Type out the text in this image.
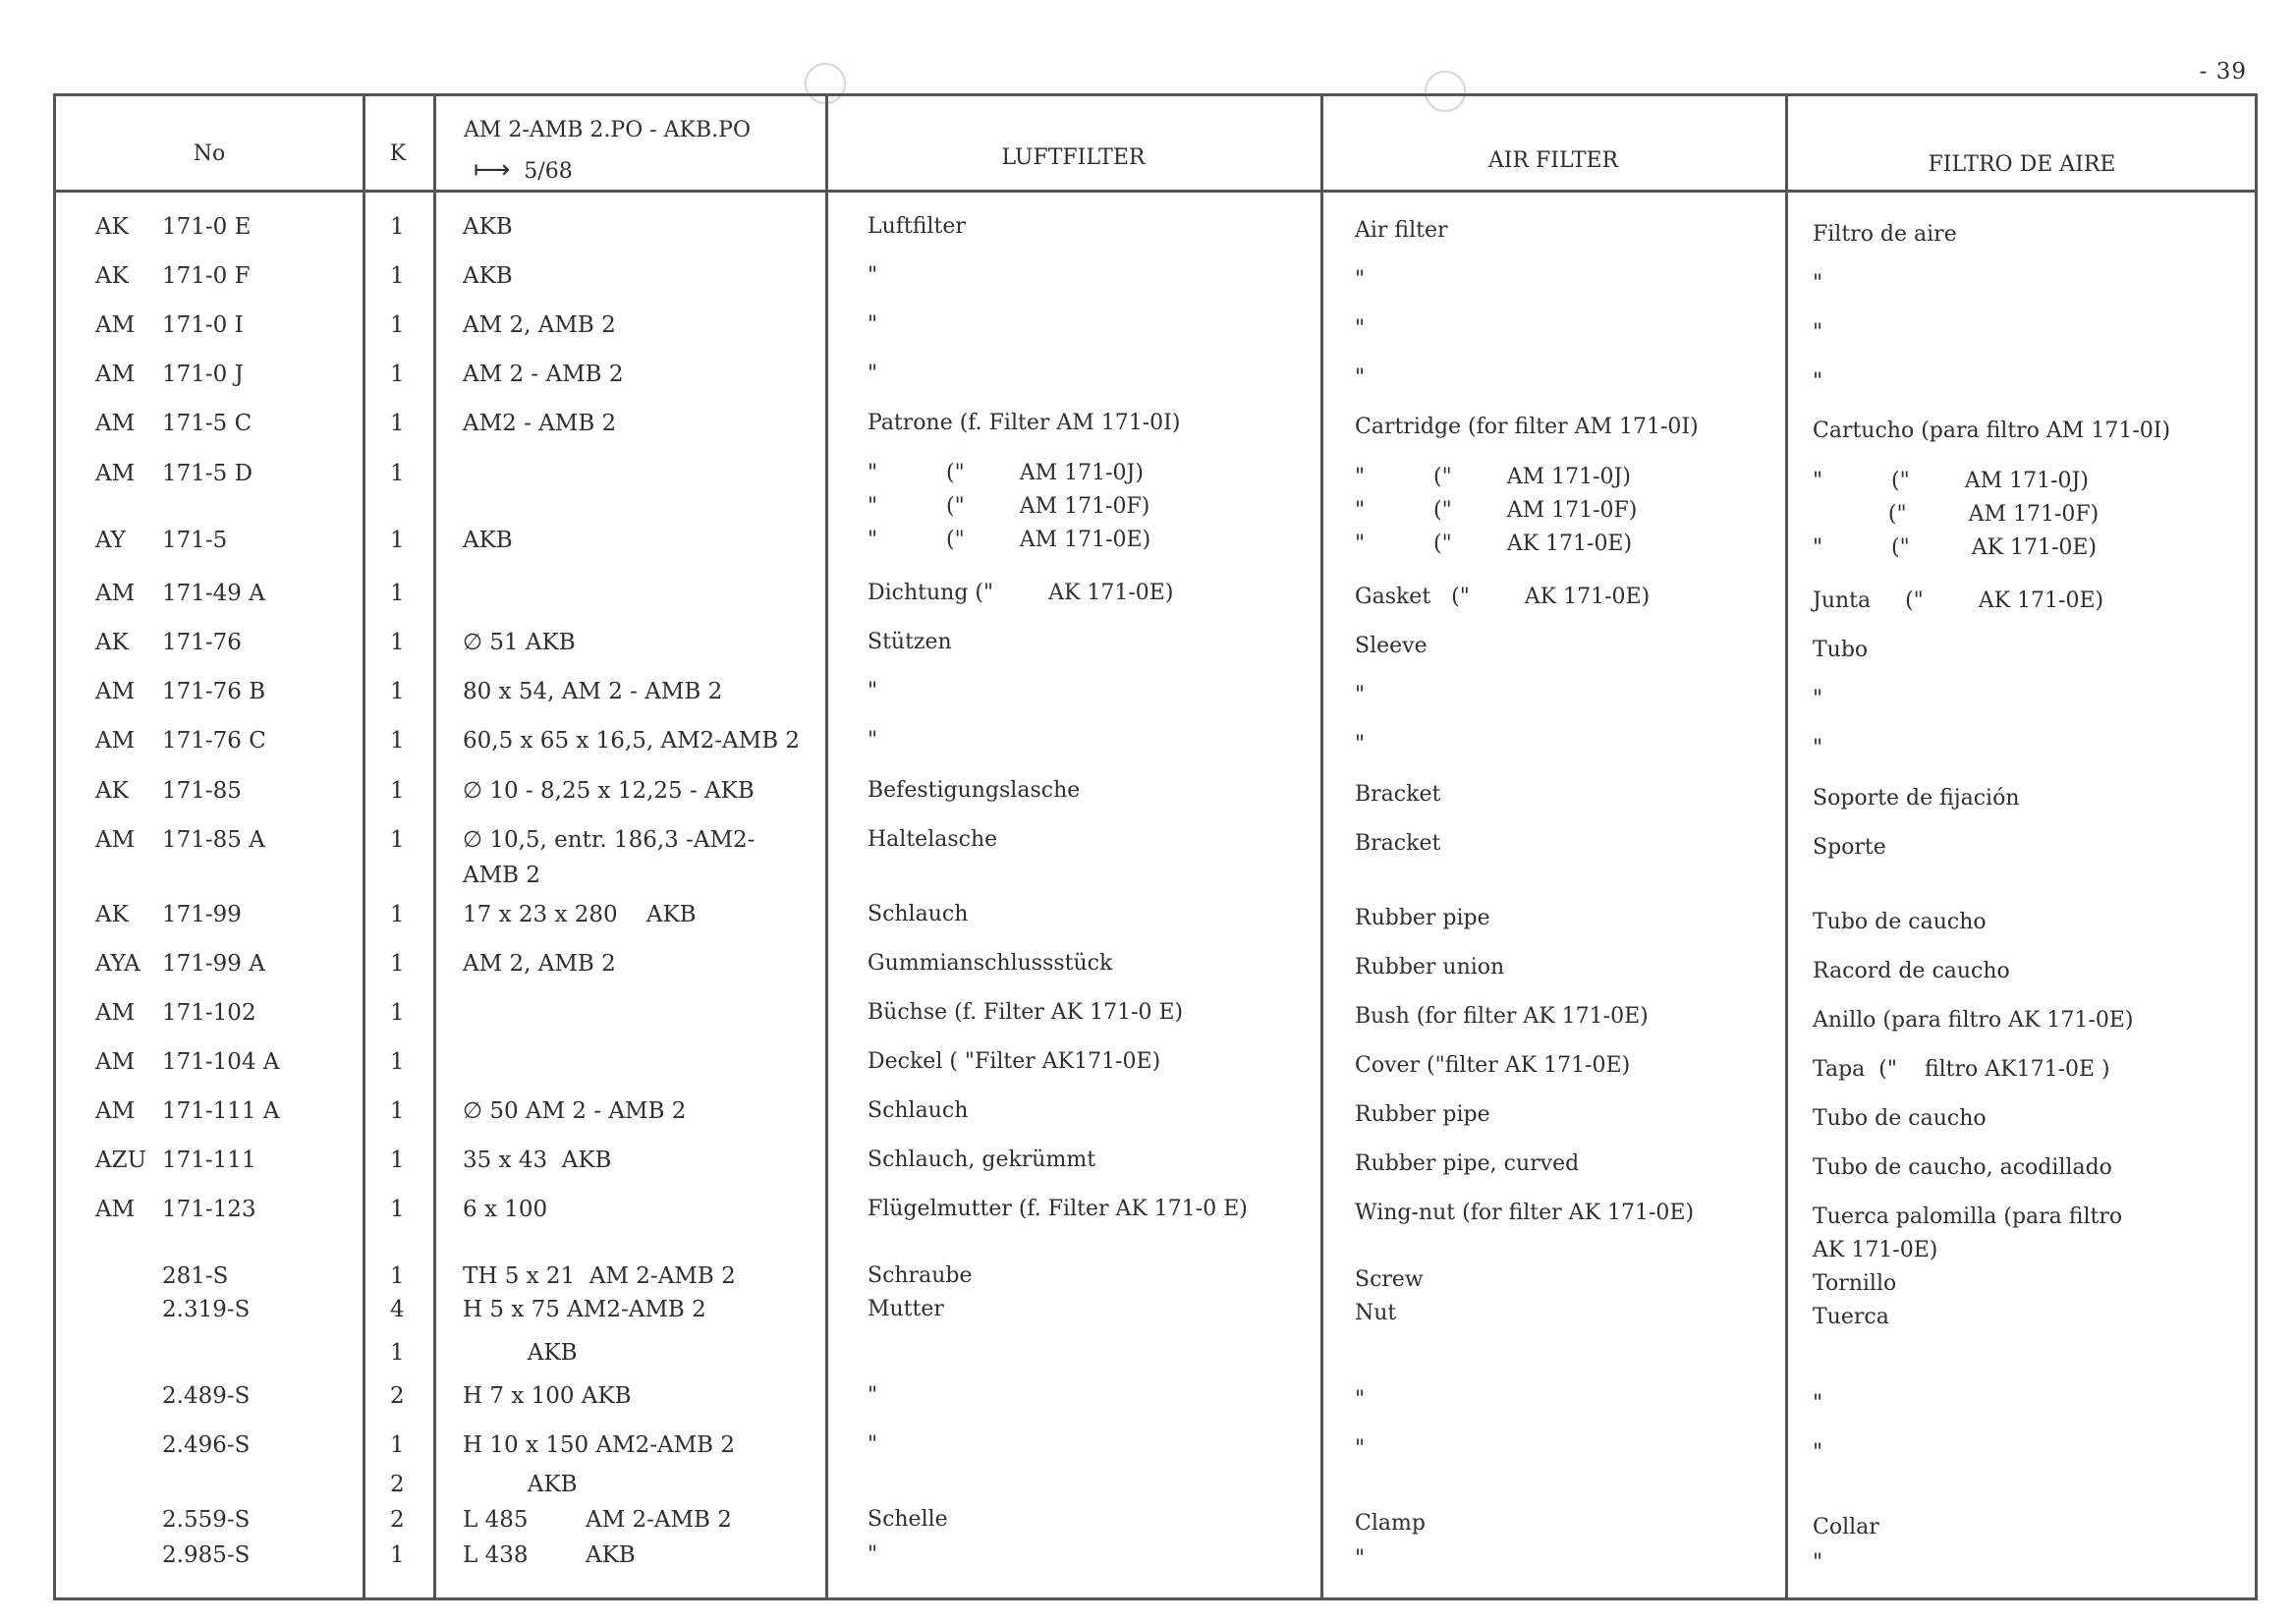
- 39
No	K
AM 2-AMB 2.PO - AKB.PO
⟼ 5/68
LUFTFILTER	AIR FILTER	FILTRO DE AIRE
AK 171-0 E	1	AKB	Luftfilter	Air filter	Filtro de aire
AK 171-0 F	1	AKB	"	"	"
AM 171-0 I	1	AM 2, AMB 2	"	"	"
AM 171-0 J	1	AM 2 - AMB 2	"	"	"
AM 171-5 C	1	AM2 - AMB 2	Patrone (f. Filter AM 171-0I)	Cartridge (for filter AM 171-0I)	Cartucho (para filtro AM 171-0I)
AM 171-5 D	1	"          ("        AM 171-0J)	"          ("        AM 171-0J)	"          ("        AM 171-0J)
"          ("        AM 171-0F)	"          ("        AM 171-0F)	("         AM 171-0F)
AY 171-5	1	AKB	"          ("        AM 171-0E)	"          ("        AK 171-0E)	"          ("         AK 171-0E)
AM 171-49 A	1	Dichtung ("        AK 171-0E)	Gasket   ("        AK 171-0E)	Junta     ("        AK 171-0E)
AK 171-76	1	∅ 51 AKB	Stützen	Sleeve	Tubo
AM 171-76 B	1	80 x 54, AM 2 - AMB 2	"	"	"
AM 171-76 C	1	60,5 x 65 x 16,5, AM2-AMB 2	"	"	"
AK 171-85	1	∅ 10 - 8,25 x 12,25 - AKB	Befestigungslasche	Bracket	Soporte de fijación
AM 171-85 A	1	∅ 10,5, entr. 186,3 -AM2-	Haltelasche	Bracket	Sporte
AMB 2
AK 171-99	1	17 x 23 x 280    AKB	Schlauch	Rubber pipe	Tubo de caucho
AYA 171-99 A	1	AM 2, AMB 2	Gummianschlussstück	Rubber union	Racord de caucho
AM 171-102	1	Büchse (f. Filter AK 171-0 E)	Bush (for filter AK 171-0E)	Anillo (para filtro AK 171-0E)
AM 171-104 A	1	Deckel ( "Filter AK171-0E)	Cover ("filter AK 171-0E)	Tapa  ("    filtro AK171-0E )
AM 171-111 A	1	∅ 50 AM 2 - AMB 2	Schlauch	Rubber pipe	Tubo de caucho
AZU 171-111	1	35 x 43  AKB	Schlauch, gekrümmt	Rubber pipe, curved	Tubo de caucho, acodillado
AM 171-123	1	6 x 100	Flügelmutter (f. Filter AK 171-0 E)	Wing-nut (for filter AK 171-0E)	Tuerca palomilla (para filtro
AK 171-0E)
281-S	1	TH 5 x 21  AM 2-AMB 2	Schraube	Screw	Tornillo
2.319-S	4	H 5 x 75 AM2-AMB 2	Mutter	Nut	Tuerca
1	AKB
2.489-S	2	H 7 x 100 AKB	"	"	"
2.496-S	1	H 10 x 150 AM2-AMB 2	"	"	"
2	AKB
2.559-S	2	L 485        AM 2-AMB 2	Schelle	Clamp	Collar
2.985-S	1	L 438        AKB	"	"	"
